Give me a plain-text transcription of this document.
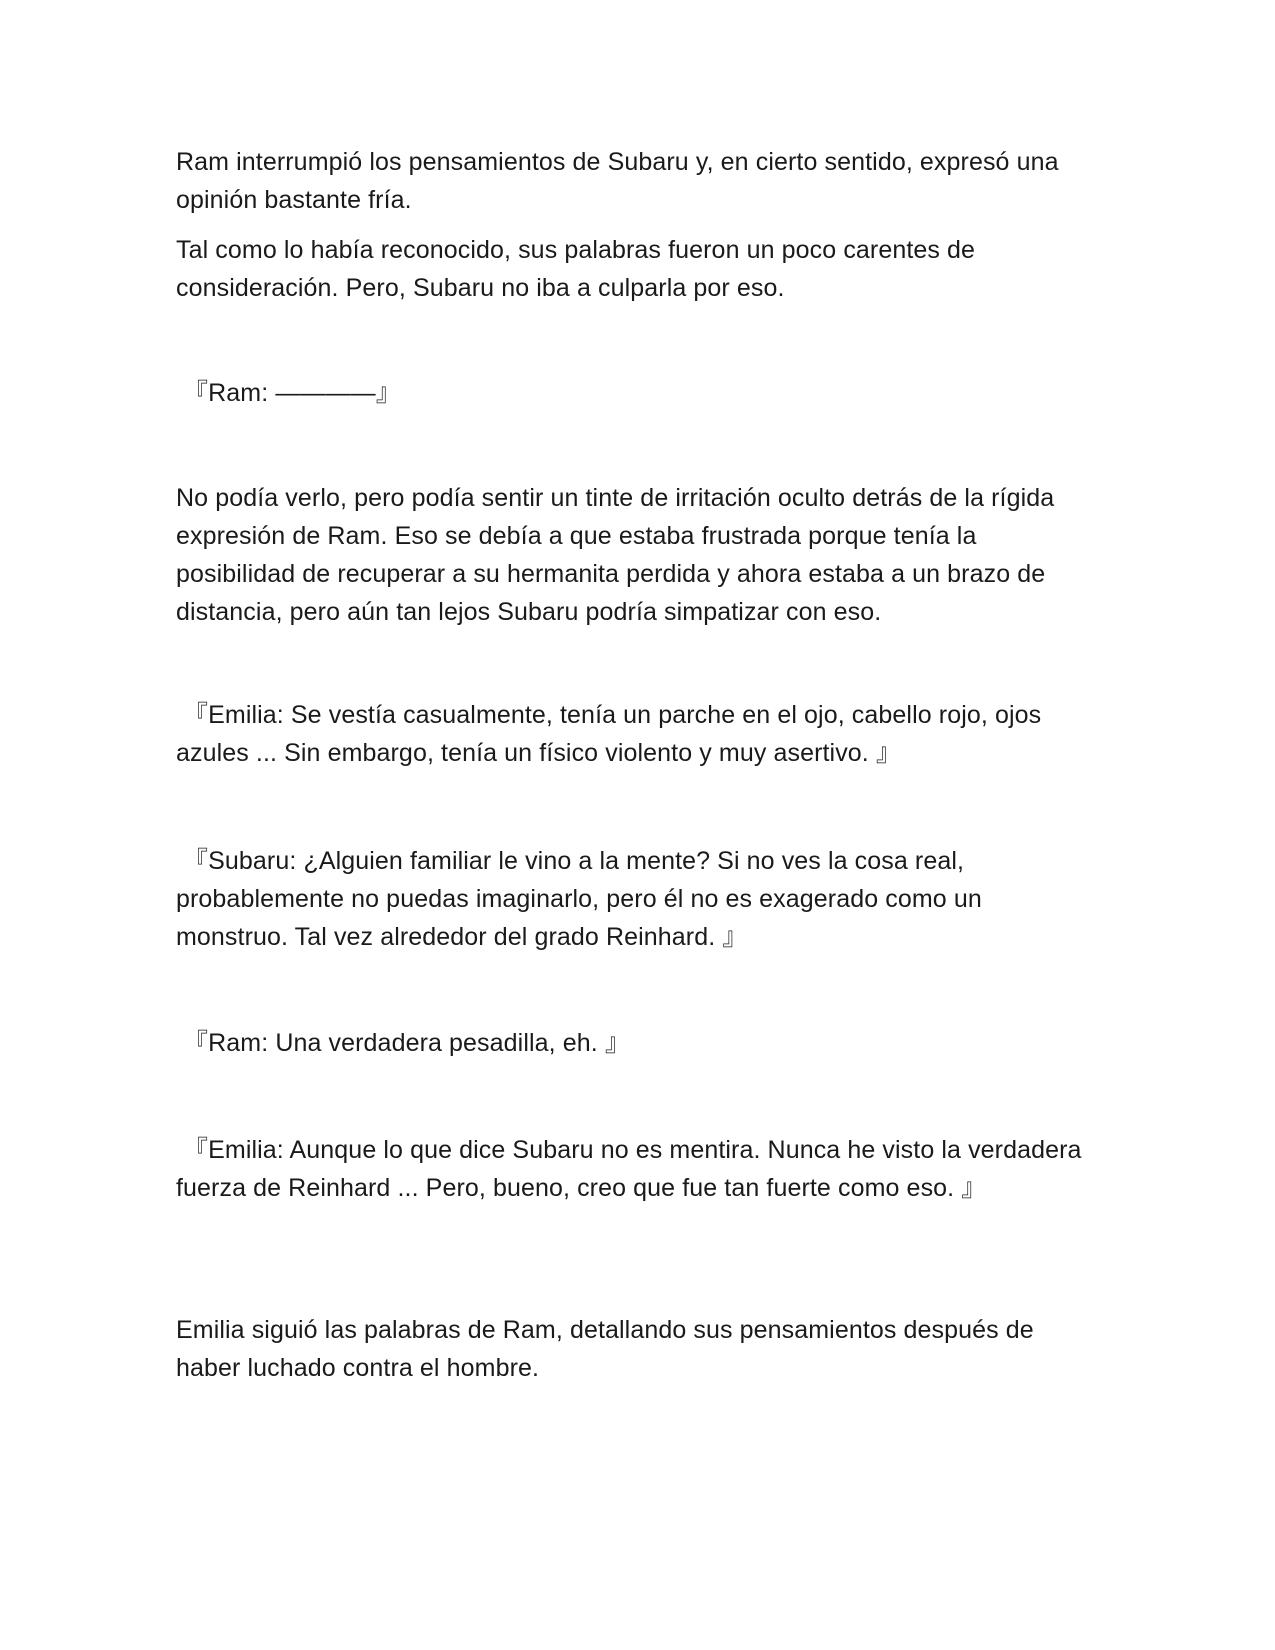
Ram interrumpió los pensamientos de Subaru y, en cierto sentido, expresó una opinión bastante fría.

Tal como lo había reconocido, sus palabras fueron un poco carentes de consideración. Pero, Subaru no iba a culparla por eso.

『Ram: ————』

No podía verlo, pero podía sentir un tinte de irritación oculto detrás de la rígida expresión de Ram. Eso se debía a que estaba frustrada porque tenía la posibilidad de recuperar a su hermanita perdida y ahora estaba a un brazo de distancia, pero aún tan lejos Subaru podría simpatizar con eso.

『Emilia: Se vestía casualmente, tenía un parche en el ojo, cabello rojo, ojos azules ... Sin embargo, tenía un físico violento y muy asertivo. 』

『Subaru: ¿Alguien familiar le vino a la mente? Si no ves la cosa real, probablemente no puedas imaginarlo, pero él no es exagerado como un monstruo. Tal vez alrededor del grado Reinhard. 』

『Ram: Una verdadera pesadilla, eh. 』

『Emilia: Aunque lo que dice Subaru no es mentira. Nunca he visto la verdadera fuerza de Reinhard ... Pero, bueno, creo que fue tan fuerte como eso. 』

Emilia siguió las palabras de Ram, detallando sus pensamientos después de haber luchado contra el hombre.
